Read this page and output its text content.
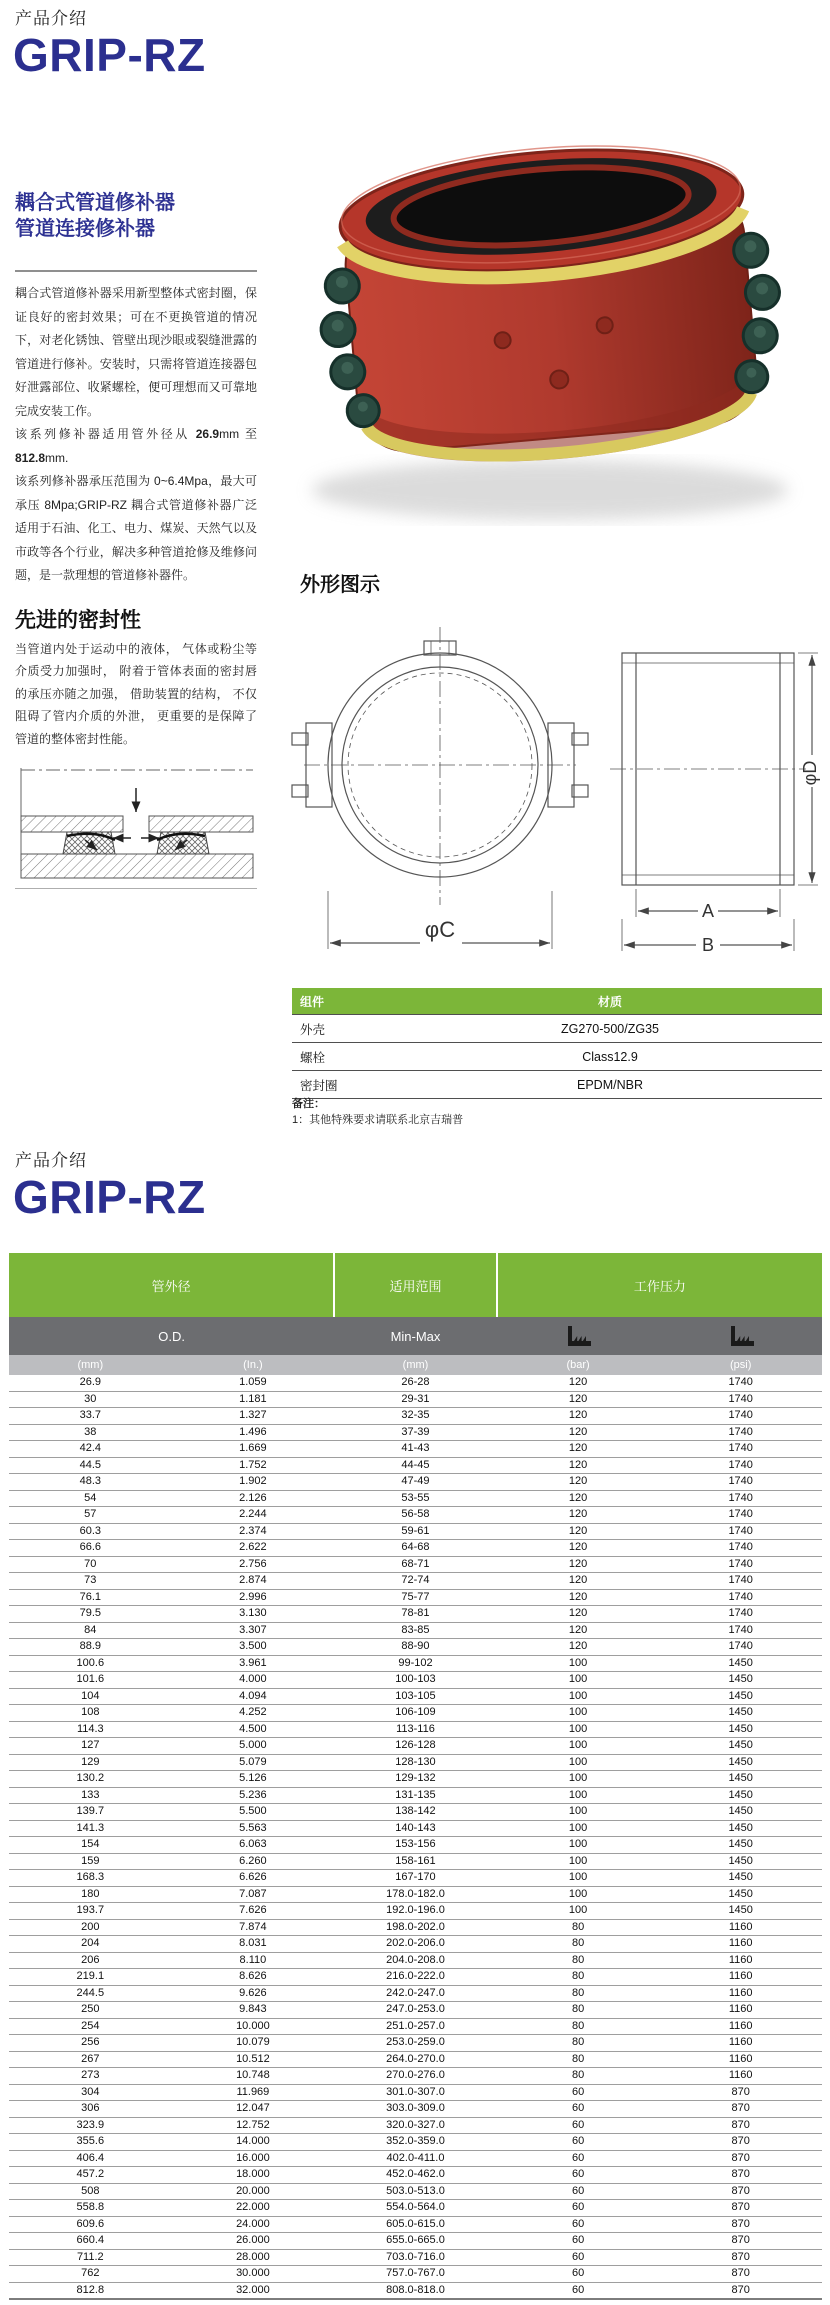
产品介绍
GRIP-RZ
耦合式管道修补器
管道连接修补器

耦合式管道修补器采用新型整体式密封圈，保证良好的密封效果；可在不更换管道的情况下，对老化锈蚀、管壁出现沙眼或裂缝泄露的管道进行修补。安装时，只需将管道连接器包好泄露部位、收紧螺栓，便可理想而又可靠地完成安装工作。

该系列修补器适用管外径从 26.9mm 至 812.8mm.

该系列修补器承压范围为 0~6.4Mpa，最大可承压 8Mpa;GRIP-RZ 耦合式管道修补器广泛适用于石油、化工、电力、煤炭、天然气以及市政等各个行业，解决多种管道抢修及维修问题，是一款理想的管道修补器件。

先进的密封性

当管道内处于运动中的液体， 气体或粉尘等介质受力加强时， 附着于管体表面的密封唇的承压亦随之加强， 借助装置的结构， 不仅阻碍了管内介质的外泄， 更重要的是保障了管道的整体密封性能。

外形图示
φC
A
B
φD
组件	材质
外壳	ZG270-500/ZG35
螺栓	Class12.9
密封圈	EPDM/NBR
备注：
1：其他特殊要求请联系北京吉瑞普
产品介绍
GRIP-RZ
管外径		适用范围	工作压力	
O.D.		Min-Max		
(mm)	(In.)	(mm)	(bar)	(psi)
26.9	1.059	26-28	120	1740
30	1.181	29-31	120	1740
33.7	1.327	32-35	120	1740
38	1.496	37-39	120	1740
42.4	1.669	41-43	120	1740
44.5	1.752	44-45	120	1740
48.3	1.902	47-49	120	1740
54	2.126	53-55	120	1740
57	2.244	56-58	120	1740
60.3	2.374	59-61	120	1740
66.6	2.622	64-68	120	1740
70	2.756	68-71	120	1740
73	2.874	72-74	120	1740
76.1	2.996	75-77	120	1740
79.5	3.130	78-81	120	1740
84	3.307	83-85	120	1740
88.9	3.500	88-90	120	1740
100.6	3.961	99-102	100	1450
101.6	4.000	100-103	100	1450
104	4.094	103-105	100	1450
108	4.252	106-109	100	1450
114.3	4.500	113-116	100	1450
127	5.000	126-128	100	1450
129	5.079	128-130	100	1450
130.2	5.126	129-132	100	1450
133	5.236	131-135	100	1450
139.7	5.500	138-142	100	1450
141.3	5.563	140-143	100	1450
154	6.063	153-156	100	1450
159	6.260	158-161	100	1450
168.3	6.626	167-170	100	1450
180	7.087	178.0-182.0	100	1450
193.7	7.626	192.0-196.0	100	1450
200	7.874	198.0-202.0	80	1160
204	8.031	202.0-206.0	80	1160
206	8.110	204.0-208.0	80	1160
219.1	8.626	216.0-222.0	80	1160
244.5	9.626	242.0-247.0	80	1160
250	9.843	247.0-253.0	80	1160
254	10.000	251.0-257.0	80	1160
256	10.079	253.0-259.0	80	1160
267	10.512	264.0-270.0	80	1160
273	10.748	270.0-276.0	80	1160
304	11.969	301.0-307.0	60	870
306	12.047	303.0-309.0	60	870
323.9	12.752	320.0-327.0	60	870
355.6	14.000	352.0-359.0	60	870
406.4	16.000	402.0-411.0	60	870
457.2	18.000	452.0-462.0	60	870
508	20.000	503.0-513.0	60	870
558.8	22.000	554.0-564.0	60	870
609.6	24.000	605.0-615.0	60	870
660.4	26.000	655.0-665.0	60	870
711.2	28.000	703.0-716.0	60	870
762	30.000	757.0-767.0	60	870
812.8	32.000	808.0-818.0	60	870
